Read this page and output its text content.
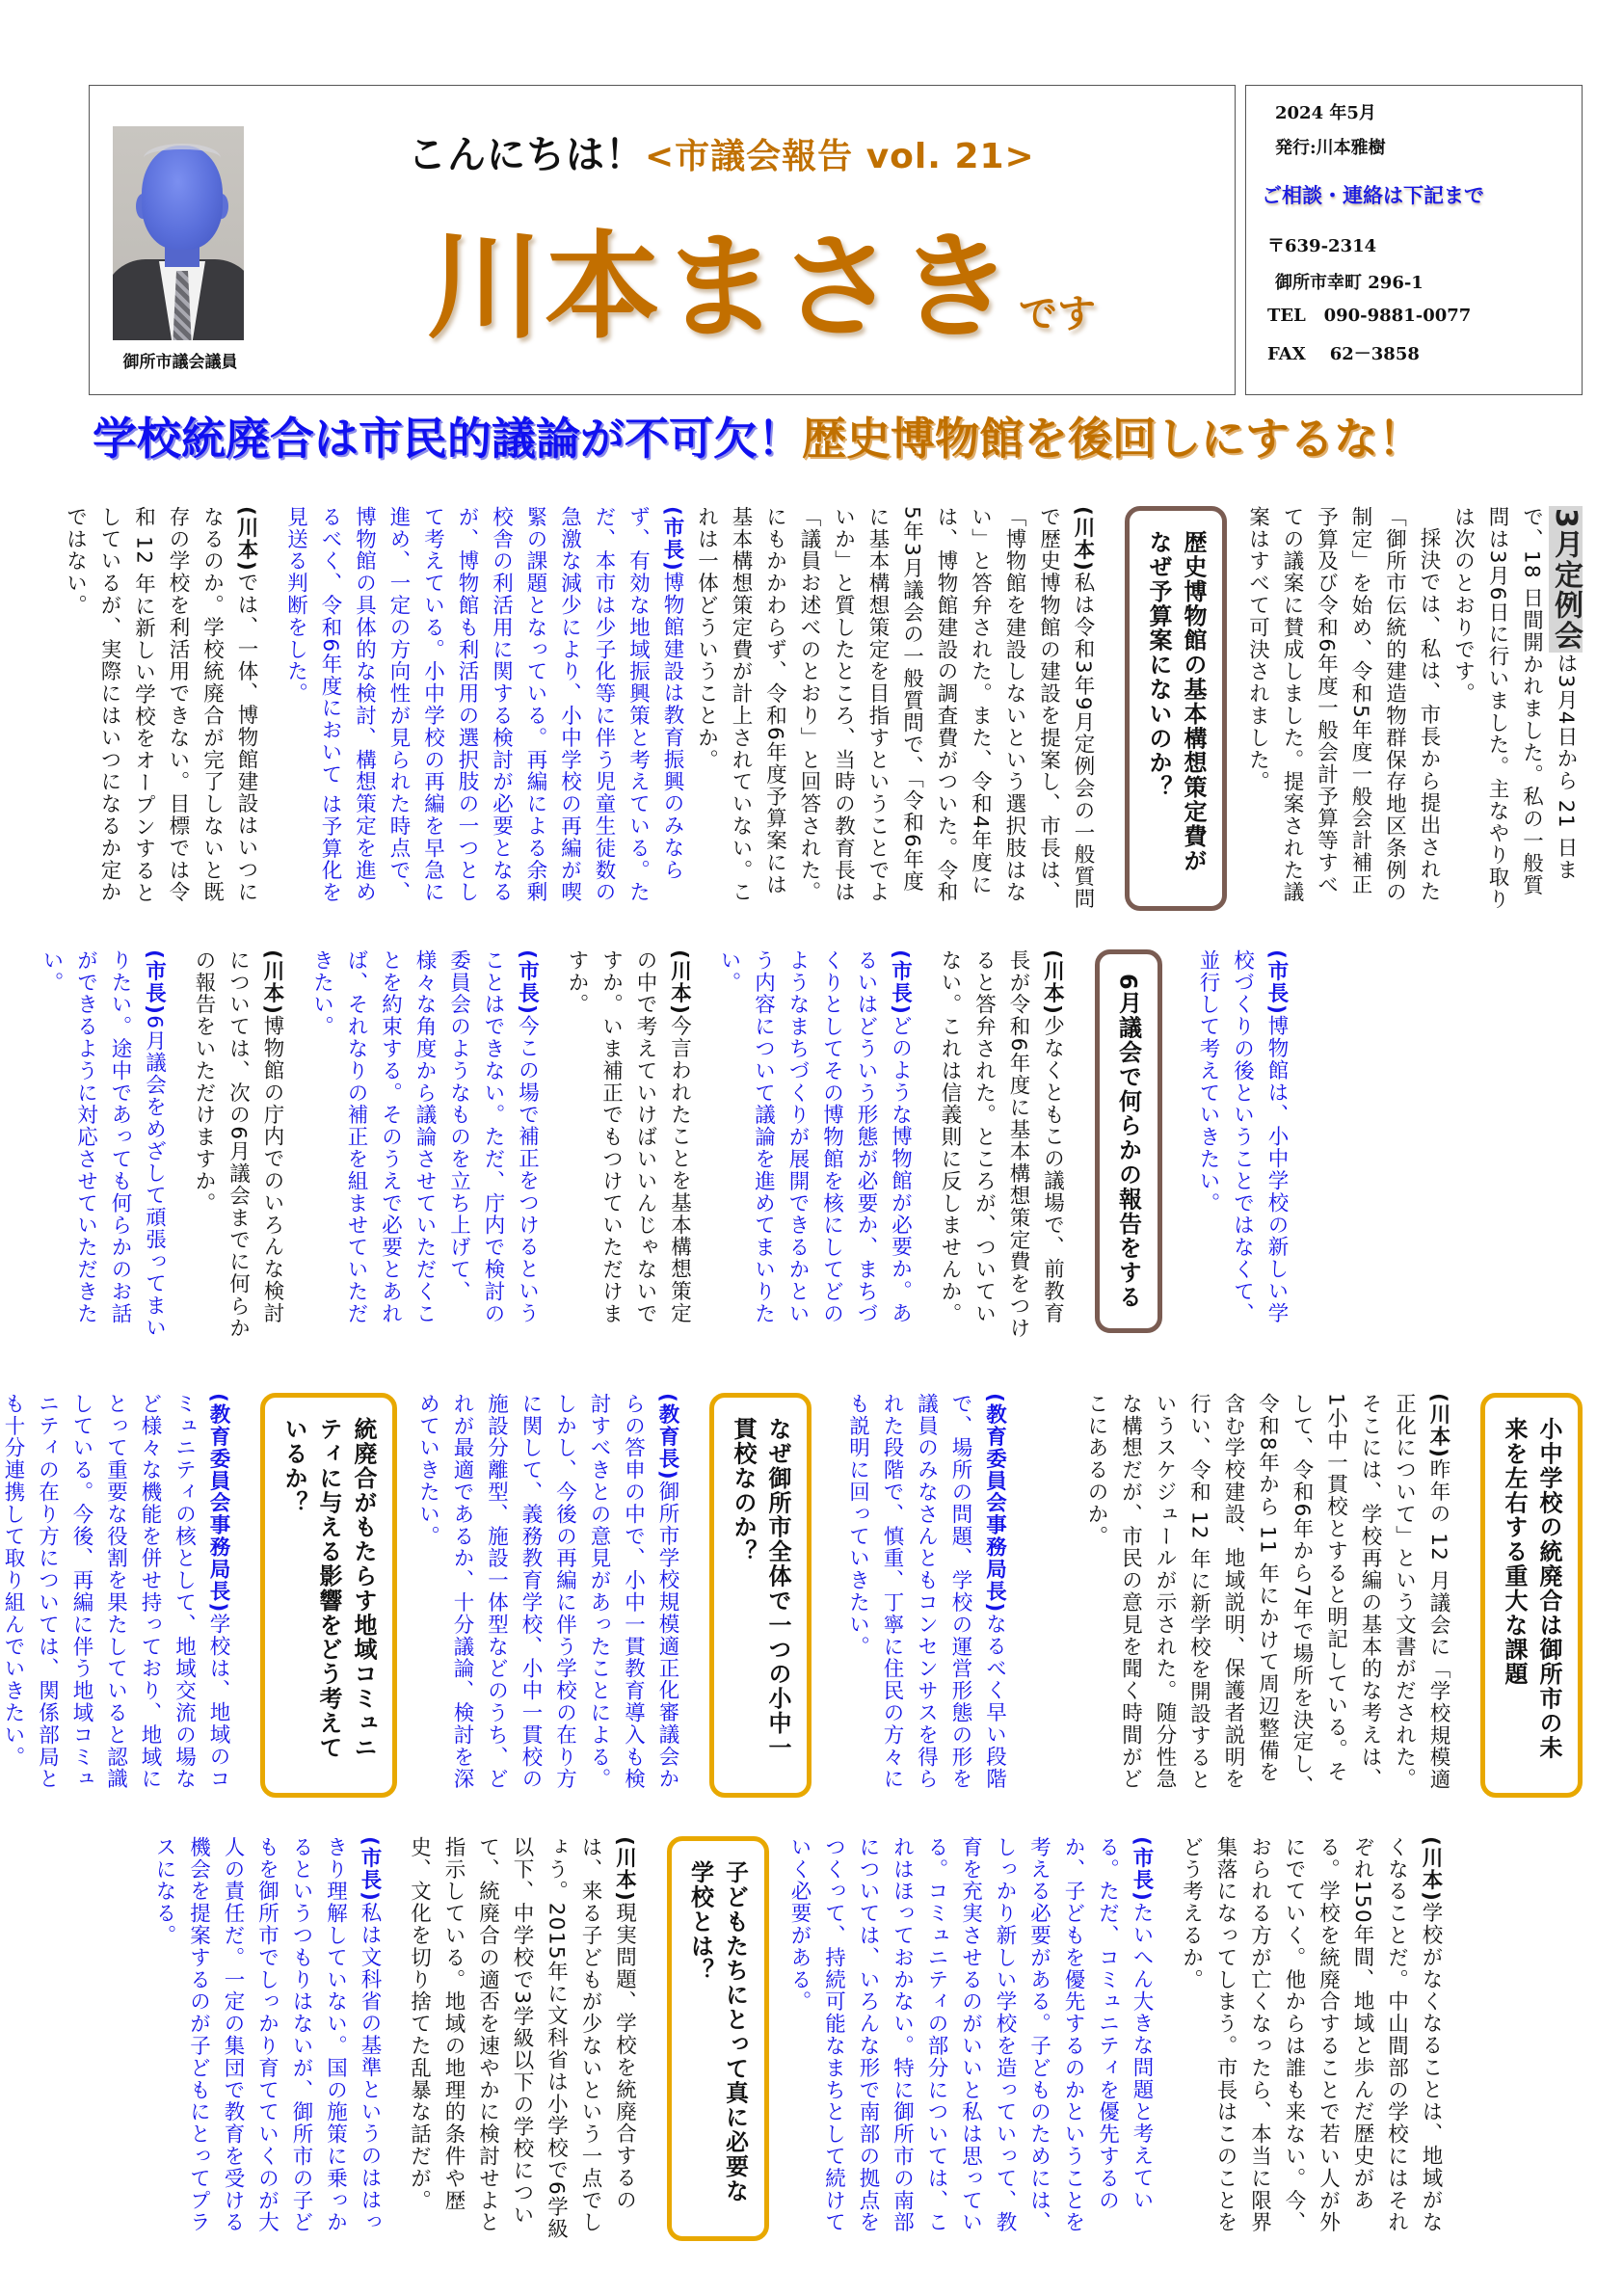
御所市議会議員
こんにちは！<市議会報告 vol. 21>
川本まさき です
2024 年5月
発行:川本雅樹
ご相談・連絡は下記まで
〒639-2314
御所市幸町 296-1
TEL 090-9881-0077
FAX 62－3858
学校統廃合は市民的議論が不可欠！歴史博物館を後回しにするな！

3月定例会は3月4日から 21 日まで、18 日間開かれました。私の一般質問は3月6日に行いました。主なやり取りは次のとおりです。

採決では、私は、市長から提出された「御所市伝統的建造物群保存地区条例の制定」を始め、令和5年度一般会計補正予算及び令和6年度一般会計予算等すべての議案に賛成しました。提案された議案はすべて可決されました。

歴史博物館の基本構想策定費がなぜ予算案にないのか？

(川本)私は令和3年9月定例会の一般質問で歴史博物館の建設を提案し、市長は、「博物館を建設しないという選択肢はない」と答弁された。また、令和4年度には、博物館建設の調査費がついた。令和5年3月議会の一般質問で、「令和6年度に基本構想策定を目指すということでよいか」と質したところ、当時の教育長は「議員お述べのとおり」と回答された。にもかかわらず、令和6年度予算案には基本構想策定費が計上されていない。これは一体どういうことか。

(市長)博物館建設は教育振興のみならず、有効な地域振興策と考えている。ただ、本市は少子化等に伴う児童生徒数の急激な減少により、小中学校の再編が喫緊の課題となっている。再編による余剰校舎の利活用に関する検討が必要となるが、博物館も利活用の選択肢の一つとして考えている。小中学校の再編を早急に進め、一定の方向性が見られた時点で、博物館の具体的な検討、構想策定を進めるべく、令和6年度において は予算化を見送る判断をした。

(川本)では、一体、博物館建設はいつになるのか。学校統廃合が完了しないと既存の学校を利活用できない。目標では令和 12 年に新しい学校をオープンするとしているが、実際にはいつになるか定かではない。

(市長)博物館は、小中学校の新しい学校づくりの後ということではなくて、並行して考えていきたい。

6月議会で何らかの報告をする

(川本)少なくともこの議場で、前教育長が令和6年度に基本構想策定費をつけると答弁された。ところが、ついていない。これは信義則に反しませんか。

(市長)どのような博物館が必要か。あるいはどういう形態が必要か、まちづくりとしてその博物館を核にしてどのようなまちづくりが展開できるかという内容について議論を進めてまいりたい。

(川本)今言われたことを基本構想策定の中で考えていけばいいんじゃないですか。いま補正でもつけていただけますか。

(市長)今この場で補正をつけるということはできない。ただ、庁内で検討の委員会のようなものを立ち上げて、様々な角度から議論させていただくことを約束する。そのうえで必要とあれば、それなりの補正を組ませていただきたい。

(川本)博物館の庁内でのいろんな検討については、次の6月議会までに何らかの報告をいただけますか。

(市長)6月議会をめざして頑張ってまいりたい。途中であっても何らかのお話ができるように対応させていただきたい。

小中学校の統廃合は御所市の未来を左右する重大な課題

(川本)昨年の 12 月議会に「学校規模適正化について」という文書がだされた。そこには、学校再編の基本的な考えは、1小中一貫校とすると明記している。そして、令和6年から7年で場所を決定し、令和8年から 11 年にかけて周辺整備を含む学校建設、地域説明、保護者説明を行い、令和 12 年に新学校を開設するというスケジュールが示された。随分性急な構想だが、市民の意見を聞く時間がどこにあるのか。

(教育委員会事務局長)なるべく早い段階で、場所の問題、学校の運営形態の形を議員のみなさんともコンセンサスを得られた段階で、慎重、丁寧に住民の方々にも説明に回っていきたい。

なぜ御所市全体で一つの小中一貫校なのか？

(教育長)御所市学校規模適正化審議会からの答申の中で、小中一貫教育導入も検討すべきとの意見があったことによる。しかし、今後の再編に伴う学校の在り方に関して、義務教育学校、小中一貫校の施設分離型、施設一体型などのうち、どれが最適であるか、十分議論、検討を深めていきたい。

統廃合がもたらす地域コミュニティに与える影響をどう考えているか？

(教育委員会事務局長)学校は、地域のコミュニティの核として、地域交流の場など様々な機能を併せ持っており、地域にとって重要な役割を果たしていると認識している。今後、再編に伴う地域コミュニティの在り方については、関係部局とも十分連携して取り組んでいきたい。

(川本)学校がなくなることは、地域がなくなることだ。中山間部の学校にはそれぞれ150年間、地域と歩んだ歴史がある。学校を統廃合することで若い人が外にでていく。他からは誰も来ない。今、おられる方が亡くなったら、本当に限界集落になってしまう。市長はこのことをどう考えるか。

(市長)たいへん大きな問題と考えている。ただ、コミュニティを優先するのか、子どもを優先するのかということを考える必要がある。子どものためには、しっかり新しい学校を造っていって、教育を充実させるのがいいと私は思っている。コミュニティの部分については、これはほっておかない。特に御所市の南部については、いろんな形で南部の拠点をつくって、持続可能なまちとして続けていく必要がある。

子どもたちにとって真に必要な学校とは？

(川本)現実問題、学校を統廃合するのは、来る子どもが少ないという一点でしょう。2015年に文科省は小学校で6学級以下、中学校で3学級以下の学校について、統廃合の適否を速やかに検討せよと指示している。地域の地理的条件や歴史、文化を切り捨てた乱暴な話だが。

(市長)私は文科省の基準というのははっきり理解していない。国の施策に乗っかるというつもりはないが、御所市の子どもを御所市でしっかり育てていくのが大人の責任だ。一定の集団で教育を受ける機会を提案するのが子どもにとってプラスになる。
